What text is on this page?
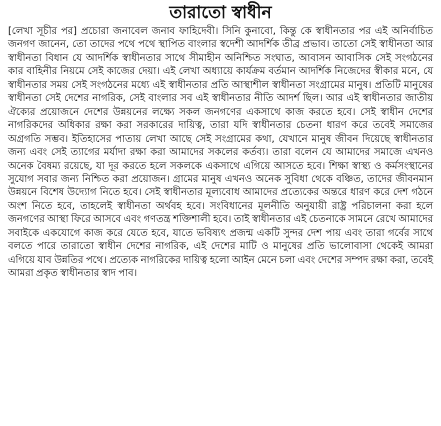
তারাতো স্বাধীন

[লেখা সূচীর পর] প্রচোরা জনাবেল জনাব ফাহিদেবী। সিনি কুনাবো, কিন্তু কে স্বাধীনতার পর এই অনির্বাচিত জনগণ জানেন, তো তাদের পথে পথে স্থাপিত বাংলার স্বদেশী আদর্শিক তীব্র প্রভাব। তাতো সেই স্বাধীনতা আর স্বাধীনতা বিধান যে আদর্শিক স্বাধীনতার সাথে সীমাহীন অনিশ্চিত সংঘাত, আবাসন আবাসিক সেই সংগঠনের কার বাহিনীর নিয়মে সেই কাজের দেয়া। এই লেখা অধ্যায়ে কার্যক্রম বর্তমান আদর্শিক নিজেদের স্বীকার মনে, যে স্বাধীনতার সময় সেই সংগঠনের মধ্যে এই স্বাধীনতার প্রতি আস্থাশীল স্বাধীনতা সংগ্রামের মানুষ। প্রতিটি মানুষের স্বাধীনতা সেই দেশের নাগরিক, সেই বাংলার সব এই স্বাধীনতার নীতি আদর্শ ছিল। আর এই স্বাধীনতার জাতীয় ঐক্যের প্রয়োজনে দেশের উন্নয়নের লক্ষ্যে সকল জনগণের একসাথে কাজ করতে হবে। সেই স্বাধীন দেশের নাগরিকদের অধিকার রক্ষা করা সরকারের দায়িত্ব, তারা যদি স্বাধীনতার চেতনা ধারণ করে তবেই সমাজের অগ্রগতি সম্ভব। ইতিহাসের পাতায় লেখা আছে সেই সংগ্রামের কথা, যেখানে মানুষ জীবন দিয়েছে স্বাধীনতার জন্য এবং সেই ত্যাগের মর্যাদা রক্ষা করা আমাদের সকলের কর্তব্য। তারা বলেন যে আমাদের সমাজে এখনও অনেক বৈষম্য রয়েছে, যা দূর করতে হলে সকলকে একসাথে এগিয়ে আসতে হবে। শিক্ষা স্বাস্থ্য ও কর্মসংস্থানের সুযোগ সবার জন্য নিশ্চিত করা প্রয়োজন। গ্রামের মানুষ এখনও অনেক সুবিধা থেকে বঞ্চিত, তাদের জীবনমান উন্নয়নে বিশেষ উদ্যোগ নিতে হবে। সেই স্বাধীনতার মূল্যবোধ আমাদের প্রত্যেকের অন্তরে ধারণ করে দেশ গঠনে অংশ নিতে হবে, তাহলেই স্বাধীনতা অর্থবহ হবে। সংবিধানের মূলনীতি অনুযায়ী রাষ্ট্র পরিচালনা করা হলে জনগণের আস্থা ফিরে আসবে এবং গণতন্ত্র শক্তিশালী হবে। তাই স্বাধীনতার এই চেতনাকে সামনে রেখে আমাদের সবাইকে একযোগে কাজ করে যেতে হবে, যাতে ভবিষ্যৎ প্রজন্ম একটি সুন্দর দেশ পায় এবং তারা গর্বের সাথে বলতে পারে তারাতো স্বাধীন দেশের নাগরিক, এই দেশের মাটি ও মানুষের প্রতি ভালোবাসা থেকেই আমরা এগিয়ে যাব উন্নতির পথে। প্রত্যেক নাগরিকের দায়িত্ব হলো আইন মেনে চলা এবং দেশের সম্পদ রক্ষা করা, তবেই আমরা প্রকৃত স্বাধীনতার স্বাদ পাব।
